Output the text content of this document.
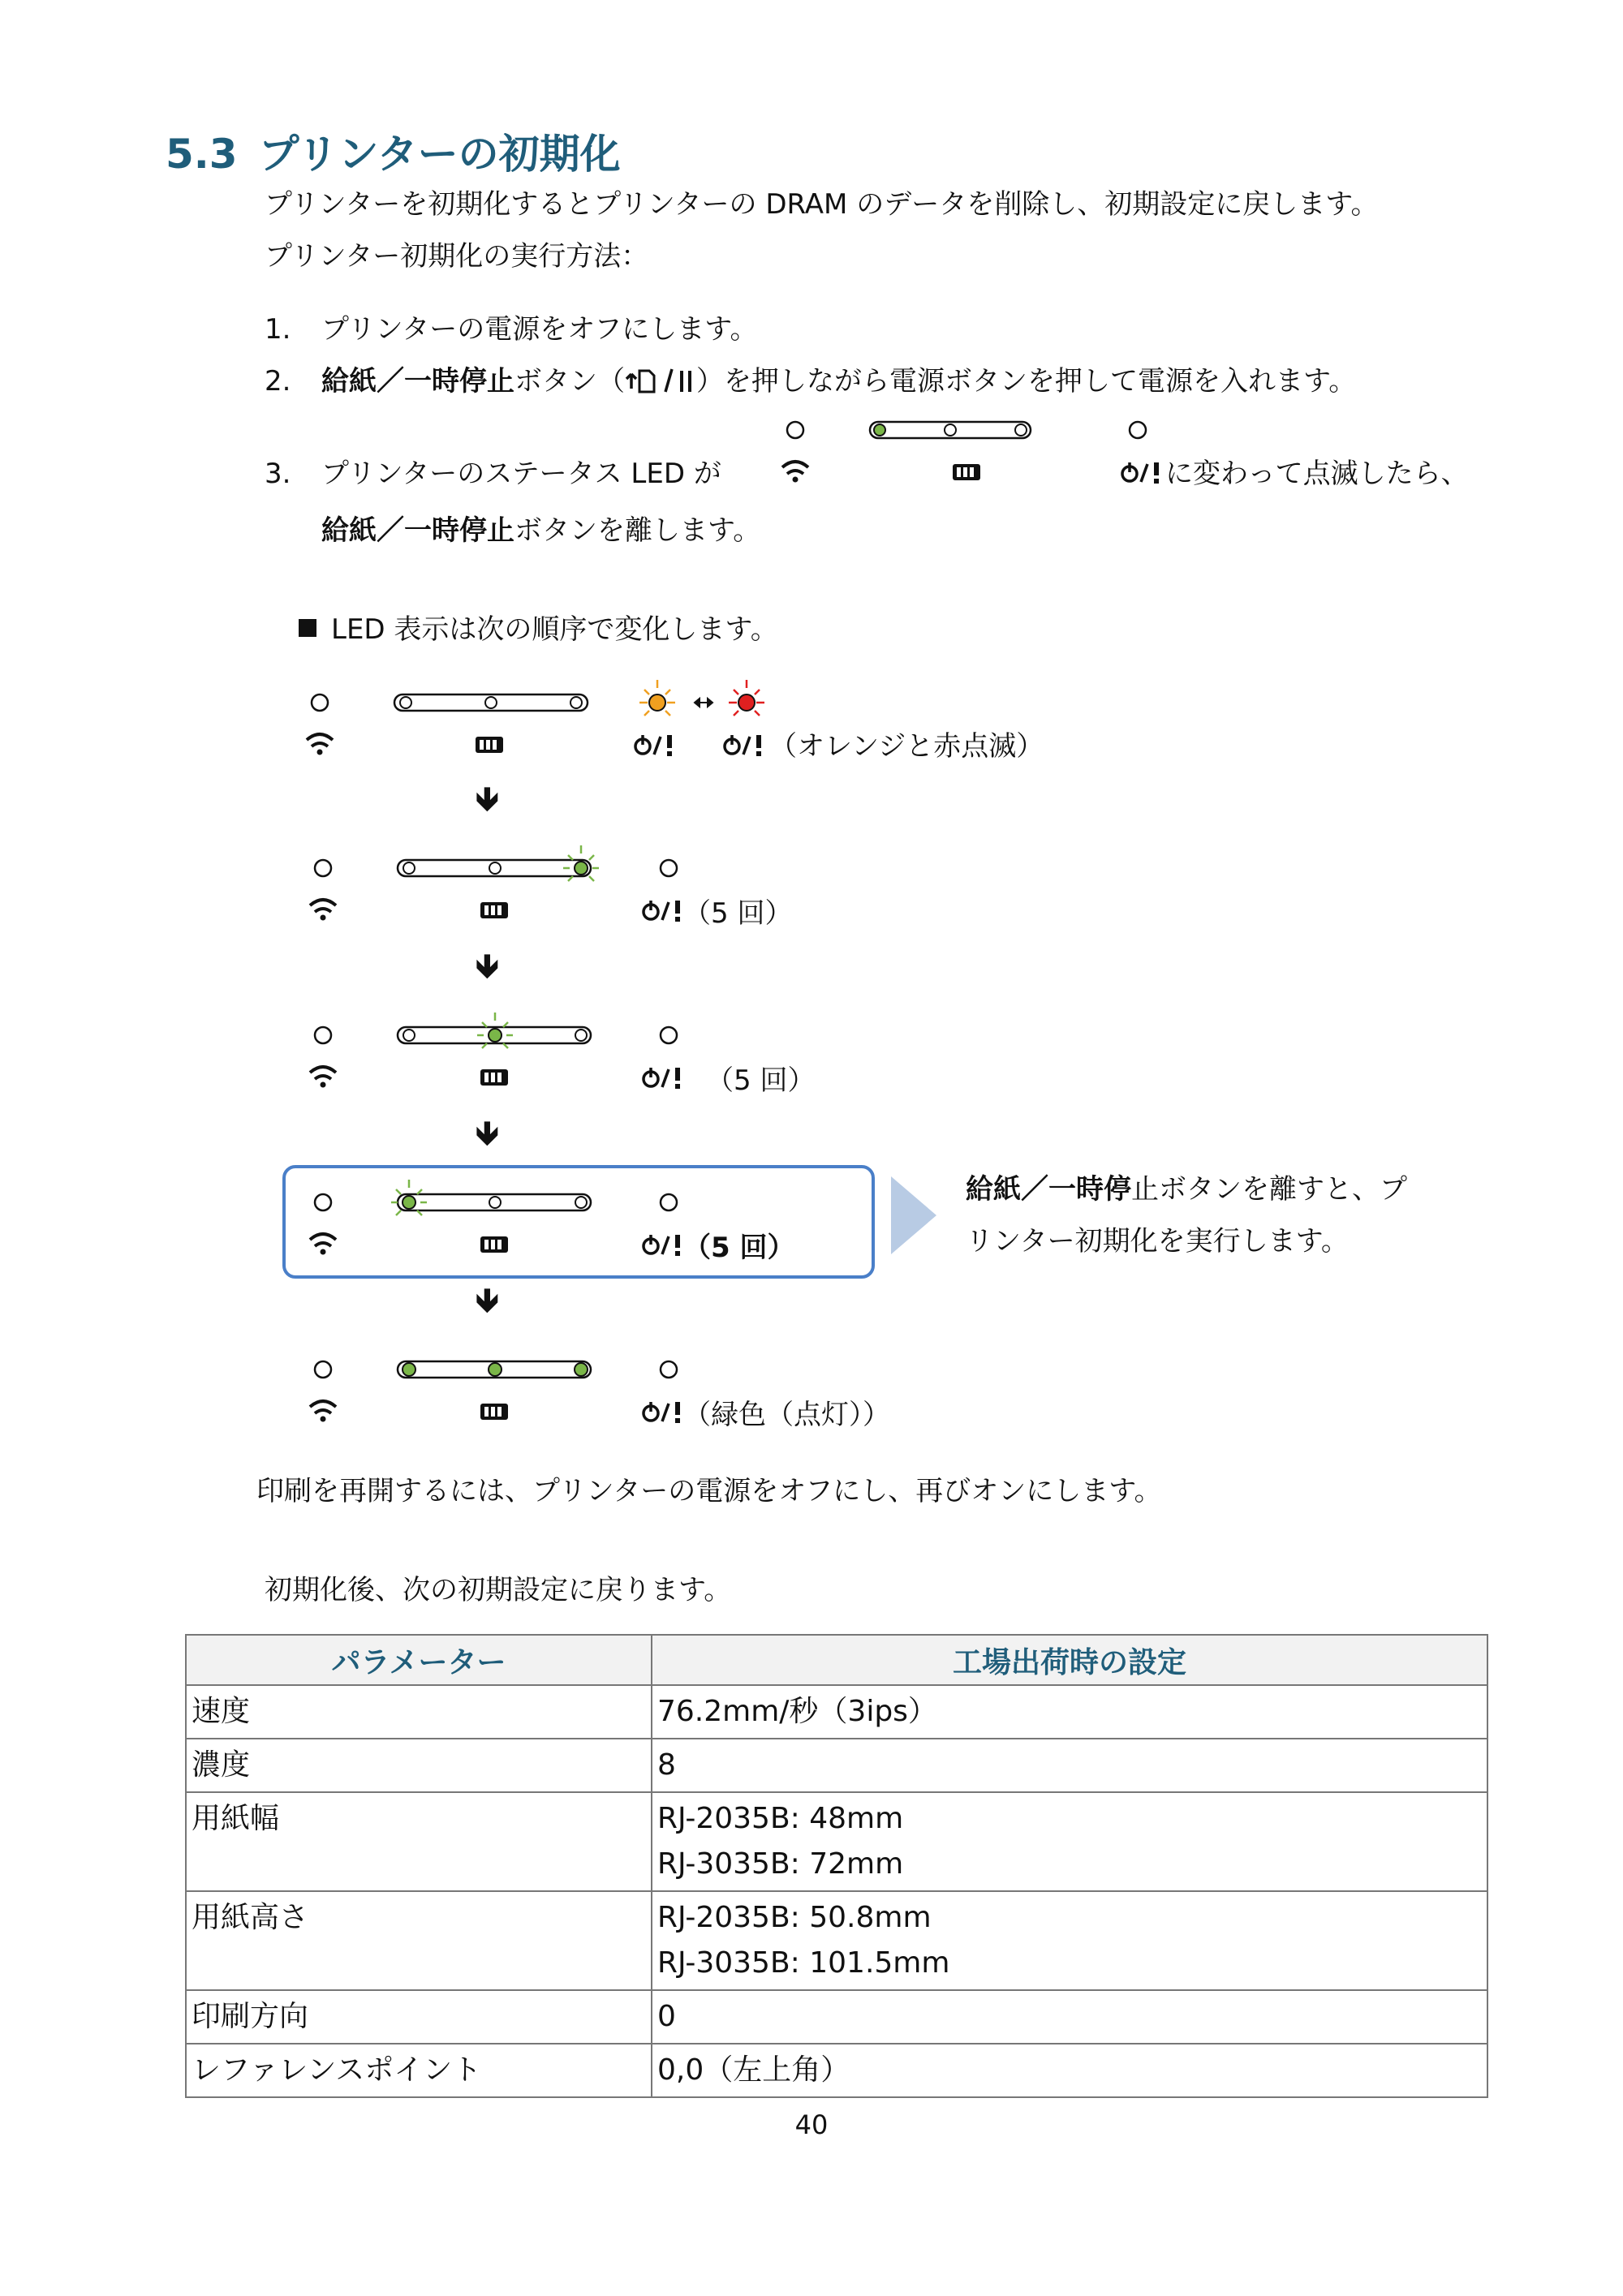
5.3 プリンターの初期化
プリンターを初期化するとプリンターの DRAM のデータを削除し、初期設定に戻します。
プリンター初期化の実行方法：
1. プリンターの電源をオフにします。
2. 給紙／一時停止ボタン（	）を押しながら電源ボタンを押して電源を入れます。
3. プリンターのステータス LED が	に変わって点滅したら、
給紙／一時停止ボタンを離します。
LED 表示は次の順序で変化します。
（オレンジと赤点滅）
🡻
（5 回）
🡻
（5 回）
🡻
（5 回）
給紙／一時停止ボタンを離すと、プ
リンター初期化を実行します。
🡻
（緑色（点灯））
印刷を再開するには、プリンターの電源をオフにし、再びオンにします。
初期化後、次の初期設定に戻ります。
パラメーター	工場出荷時の設定
速度	76.2mm/秒（3ips）
濃度	8
用紙幅	RJ-2035B: 48mm
RJ-3035B: 72mm

用紙高さ	RJ-2035B: 50.8mm
RJ-3035B: 101.5mm

印刷方向	0
レファレンスポイント	0,0（左上角）
40
